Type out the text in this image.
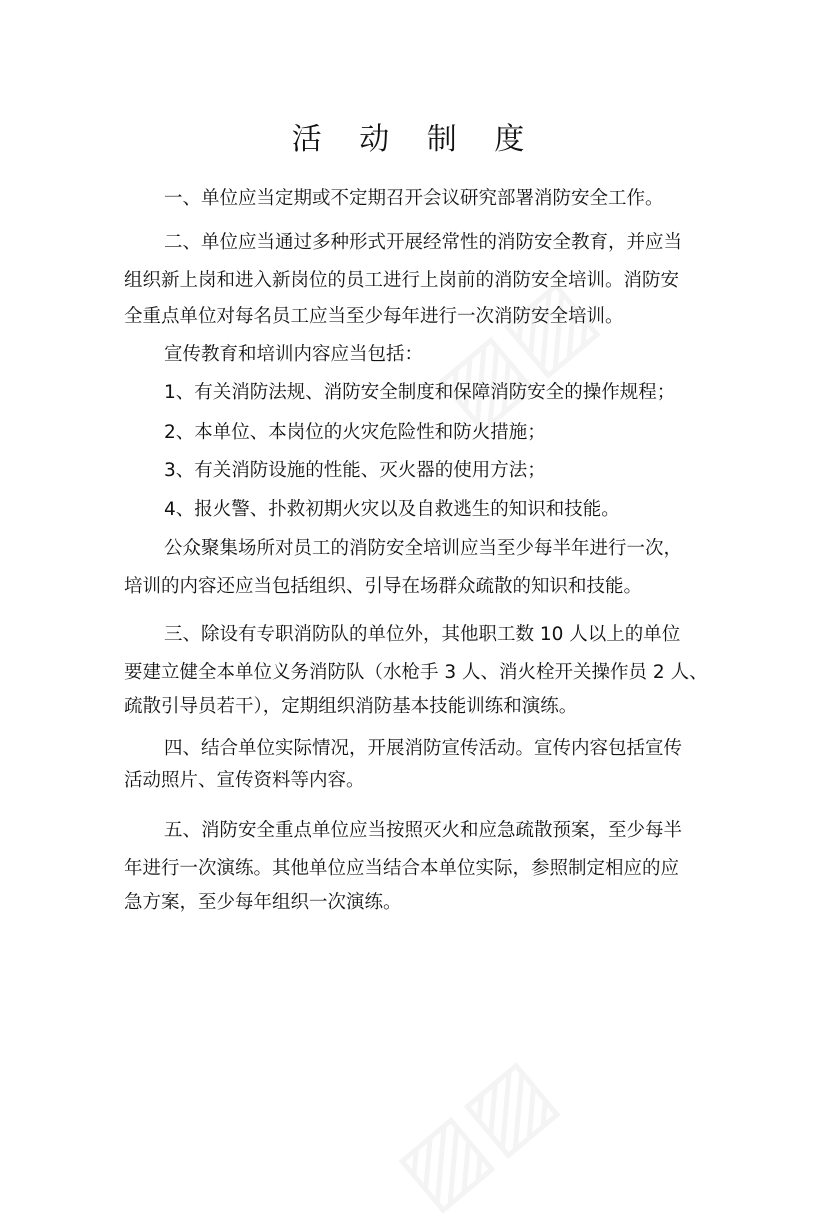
活 动 制 度

一、单位应当定期或不定期召开会议研究部署消防安全工作。

二、单位应当通过多种形式开展经常性的消防安全教育，并应当

组织新上岗和进入新岗位的员工进行上岗前的消防安全培训。消防安

全重点单位对每名员工应当至少每年进行一次消防安全培训。

宣传教育和培训内容应当包括：

1、有关消防法规、消防安全制度和保障消防安全的操作规程；

2、本单位、本岗位的火灾危险性和防火措施；

3、有关消防设施的性能、灭火器的使用方法；

4、报火警、扑救初期火灾以及自救逃生的知识和技能。

公众聚集场所对员工的消防安全培训应当至少每半年进行一次，

培训的内容还应当包括组织、引导在场群众疏散的知识和技能。

三、除设有专职消防队的单位外，其他职工数 10 人以上的单位

要建立健全本单位义务消防队（水枪手 3 人、消火栓开关操作员 2 人、

疏散引导员若干），定期组织消防基本技能训练和演练。

四、结合单位实际情况，开展消防宣传活动。宣传内容包括宣传

活动照片、宣传资料等内容。

五、消防安全重点单位应当按照灭火和应急疏散预案，至少每半

年进行一次演练。其他单位应当结合本单位实际，参照制定相应的应

急方案，至少每年组织一次演练。
